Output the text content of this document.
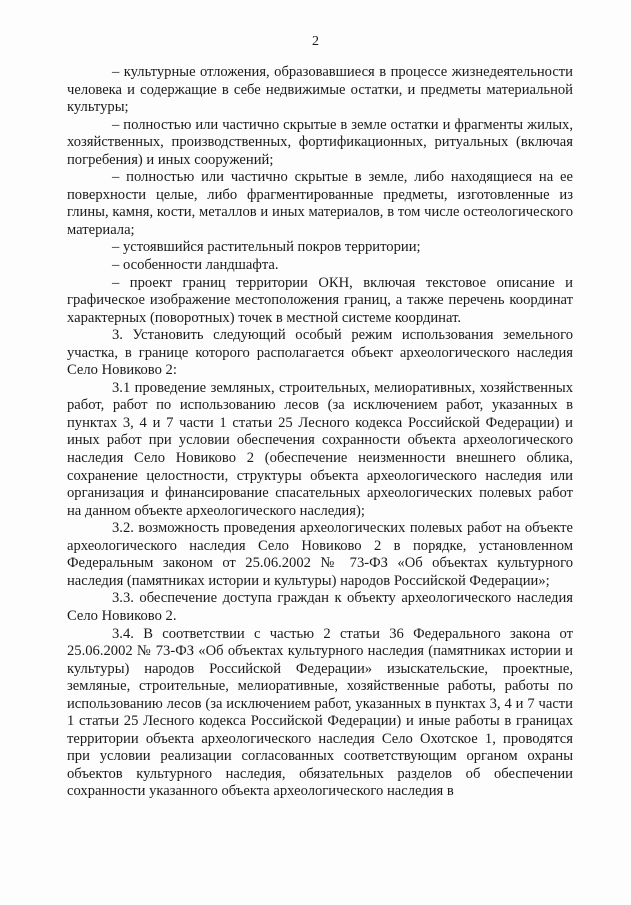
2

– культурные отложения, образовавшиеся в процессе жизнедеятельности человека и содержащие в себе недвижимые остатки, и предметы материальной культуры;

– полностью или частично скрытые в земле остатки и фрагменты жилых, хозяйственных, производственных, фортификационных, ритуальных (включая погребения) и иных сооружений;

– полностью или частично скрытые в земле, либо находящиеся на ее поверхности целые, либо фрагментированные предметы, изготовленные из глины, камня, кости, металлов и иных материалов, в том числе остеологического материала;

– устоявшийся растительный покров территории;

– особенности ландшафта.

– проект границ территории ОКН, включая текстовое описание и графическое изображение местоположения границ, а также перечень координат характерных (поворотных) точек в местной системе координат.

3. Установить следующий особый режим использования земельного участка, в границе которого располагается объект археологического наследия Село Новиково 2:

3.1 проведение земляных, строительных, мелиоративных, хозяйственных работ, работ по использованию лесов (за исключением работ, указанных в пунктах 3, 4 и 7 части 1 статьи 25 Лесного кодекса Российской Федерации) и иных работ при условии обеспечения сохранности объекта археологического наследия Село Новиково 2 (обеспечение неизменности внешнего облика, сохранение целостности, структуры объекта археологического наследия или организация и финансирование спасательных археологических полевых работ на данном объекте археологического наследия);

3.2. возможность проведения археологических полевых работ на объекте археологического наследия Село Новиково 2 в порядке, установленном Федеральным законом от 25.06.2002 № 73-ФЗ «Об объектах культурного наследия (памятниках истории и культуры) народов Российской Федерации»;

3.3. обеспечение доступа граждан к объекту археологического наследия Село Новиково 2.

3.4. В соответствии с частью 2 статьи 36 Федерального закона от 25.06.2002 № 73-ФЗ «Об объектах культурного наследия (памятниках истории и культуры) народов Российской Федерации» изыскательские, проектные, земляные, строительные, мелиоративные, хозяйственные работы, работы по использованию лесов (за исключением работ, указанных в пунктах 3, 4 и 7 части 1 статьи 25 Лесного кодекса Российской Федерации) и иные работы в границах территории объекта археологического наследия Село Охотское 1, проводятся при условии реализации согласованных соответствующим органом охраны объектов культурного наследия, обязательных разделов об обеспечении сохранности указанного объекта археологического наследия в
